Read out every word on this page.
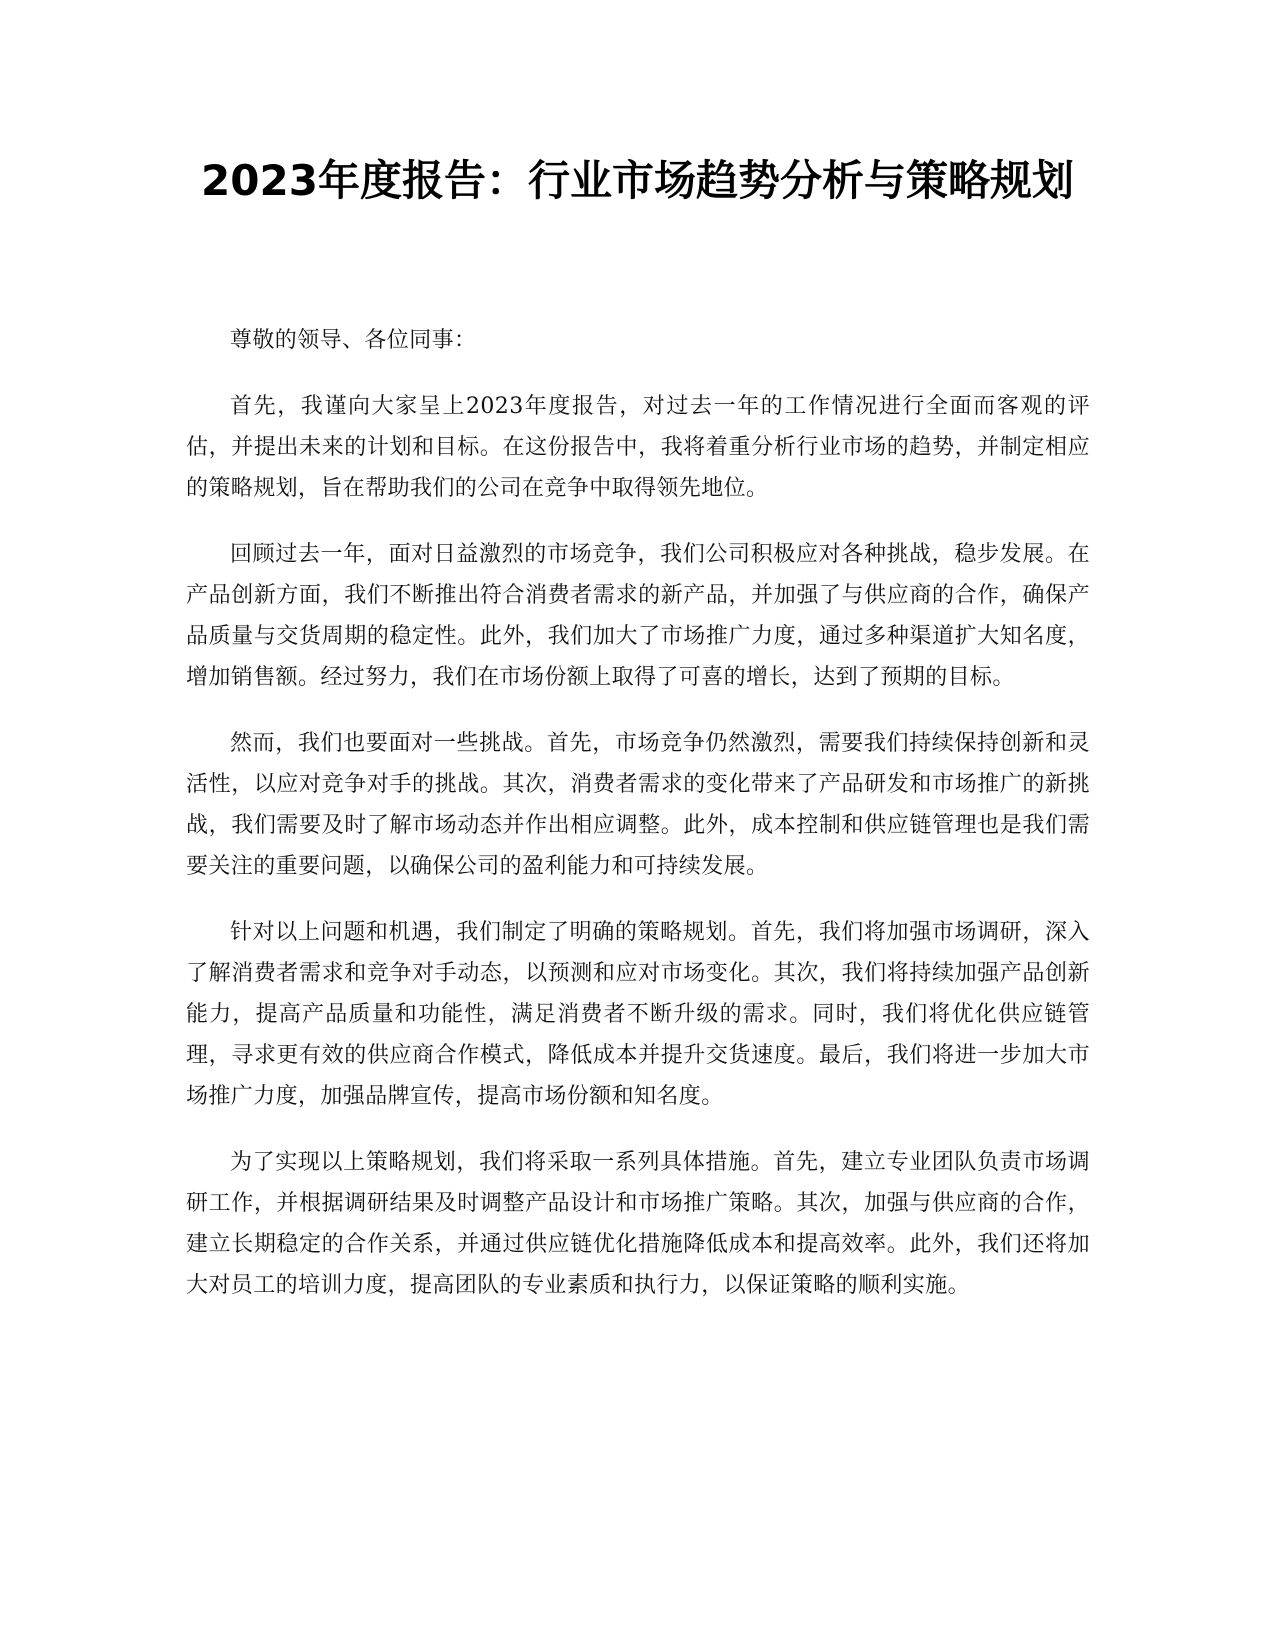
2023年度报告：行业市场趋势分析与策略规划

尊敬的领导、各位同事：

首先，我谨向大家呈上2023年度报告，对过去一年的工作情况进行全面而客观的评估，并提出未来的计划和目标。在这份报告中，我将着重分析行业市场的趋势，并制定相应的策略规划，旨在帮助我们的公司在竞争中取得领先地位。

回顾过去一年，面对日益激烈的市场竞争，我们公司积极应对各种挑战，稳步发展。在产品创新方面，我们不断推出符合消费者需求的新产品，并加强了与供应商的合作，确保产品质量与交货周期的稳定性。此外，我们加大了市场推广力度，通过多种渠道扩大知名度，增加销售额。经过努力，我们在市场份额上取得了可喜的增长，达到了预期的目标。

然而，我们也要面对一些挑战。首先，市场竞争仍然激烈，需要我们持续保持创新和灵活性，以应对竞争对手的挑战。其次，消费者需求的变化带来了产品研发和市场推广的新挑战，我们需要及时了解市场动态并作出相应调整。此外，成本控制和供应链管理也是我们需要关注的重要问题，以确保公司的盈利能力和可持续发展。

针对以上问题和机遇，我们制定了明确的策略规划。首先，我们将加强市场调研，深入了解消费者需求和竞争对手动态，以预测和应对市场变化。其次，我们将持续加强产品创新能力，提高产品质量和功能性，满足消费者不断升级的需求。同时，我们将优化供应链管理，寻求更有效的供应商合作模式，降低成本并提升交货速度。最后，我们将进一步加大市场推广力度，加强品牌宣传，提高市场份额和知名度。

为了实现以上策略规划，我们将采取一系列具体措施。首先，建立专业团队负责市场调研工作，并根据调研结果及时调整产品设计和市场推广策略。其次，加强与供应商的合作，建立长期稳定的合作关系，并通过供应链优化措施降低成本和提高效率。此外，我们还将加大对员工的培训力度，提高团队的专业素质和执行力，以保证策略的顺利实施。
